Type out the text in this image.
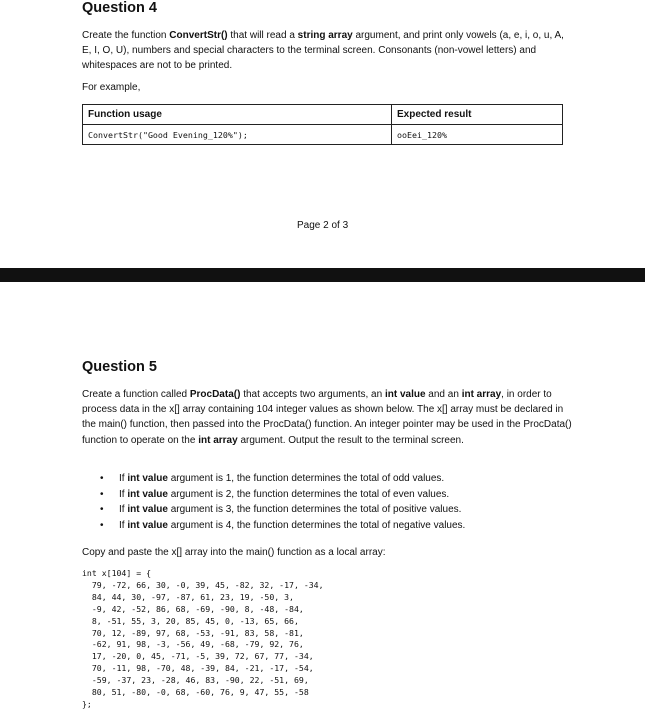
Question 4
Create the function ConvertStr() that will read a string array argument, and print only vowels (a, e, i, o, u, A, E, I, O, U), numbers and special characters to the terminal screen. Consonants (non-vowel letters) and whitespaces are not to be printed.
For example,
Function usage	Expected result
ConvertStr("Good Evening_120%");	ooEei_120%
Page 2 of 3
Question 5
Create a function called ProcData() that accepts two arguments, an int value and an int array, in order to process data in the x[] array containing 104 integer values as shown below. The x[] array must be declared in the main() function, then passed into the ProcData() function. An integer pointer may be used in the ProcData() function to operate on the int array argument. Output the result to the terminal screen.
• If int value argument is 1, the function determines the total of odd values.
• If int value argument is 2, the function determines the total of even values.
• If int value argument is 3, the function determines the total of positive values.
• If int value argument is 4, the function determines the total of negative values.
Copy and paste the x[] array into the main() function as a local array:
int x[104] = {
79, -72, 66, 30, -0, 39, 45, -82, 32, -17, -34,
84, 44, 30, -97, -87, 61, 23, 19, -50, 3,
-9, 42, -52, 86, 68, -69, -90, 8, -48, -84,
8, -51, 55, 3, 20, 85, 45, 0, -13, 65, 66,
70, 12, -89, 97, 68, -53, -91, 83, 58, -81,
-62, 91, 98, -3, -56, 49, -68, -79, 92, 76,
17, -20, 0, 45, -71, -5, 39, 72, 67, 77, -34,
70, -11, 98, -70, 48, -39, 84, -21, -17, -54,
-59, -37, 23, -28, 46, 83, -90, 22, -51, 69,
80, 51, -80, -0, 68, -60, 76, 9, 47, 55, -58
};
